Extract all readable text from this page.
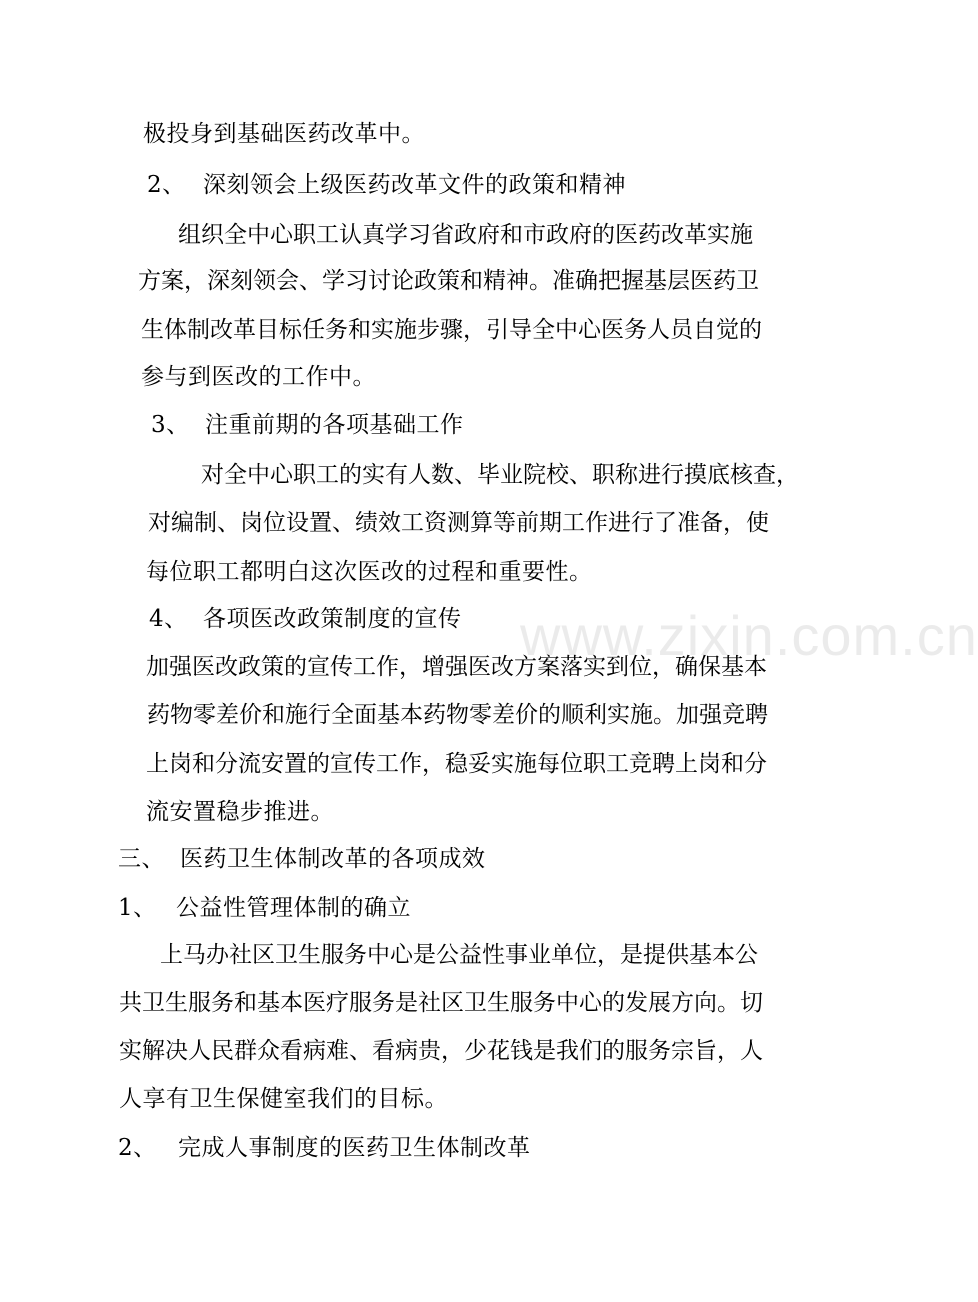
极投身到基础医药改革中。
2、 深刻领会上级医药改革文件的政策和精神
组织全中心职工认真学习省政府和市政府的医药改革实施
方案，深刻领会、学习讨论政策和精神。准确把握基层医药卫
生体制改革目标任务和实施步骤，引导全中心医务人员自觉的
参与到医改的工作中。
3、 注重前期的各项基础工作
对全中心职工的实有人数、毕业院校、职称进行摸底核查，
对编制、岗位设置、绩效工资测算等前期工作进行了准备，使
每位职工都明白这次医改的过程和重要性。
4、 各项医改政策制度的宣传
加强医改政策的宣传工作，增强医改方案落实到位，确保基本
药物零差价和施行全面基本药物零差价的顺利实施。加强竞聘
上岗和分流安置的宣传工作，稳妥实施每位职工竞聘上岗和分
流安置稳步推进。
三、 医药卫生体制改革的各项成效
1、 公益性管理体制的确立
上马办社区卫生服务中心是公益性事业单位，是提供基本公
共卫生服务和基本医疗服务是社区卫生服务中心的发展方向。切
实解决人民群众看病难、看病贵，少花钱是我们的服务宗旨，人
人享有卫生保健室我们的目标。
2、 完成人事制度的医药卫生体制改革
www.zixin.com.cn
